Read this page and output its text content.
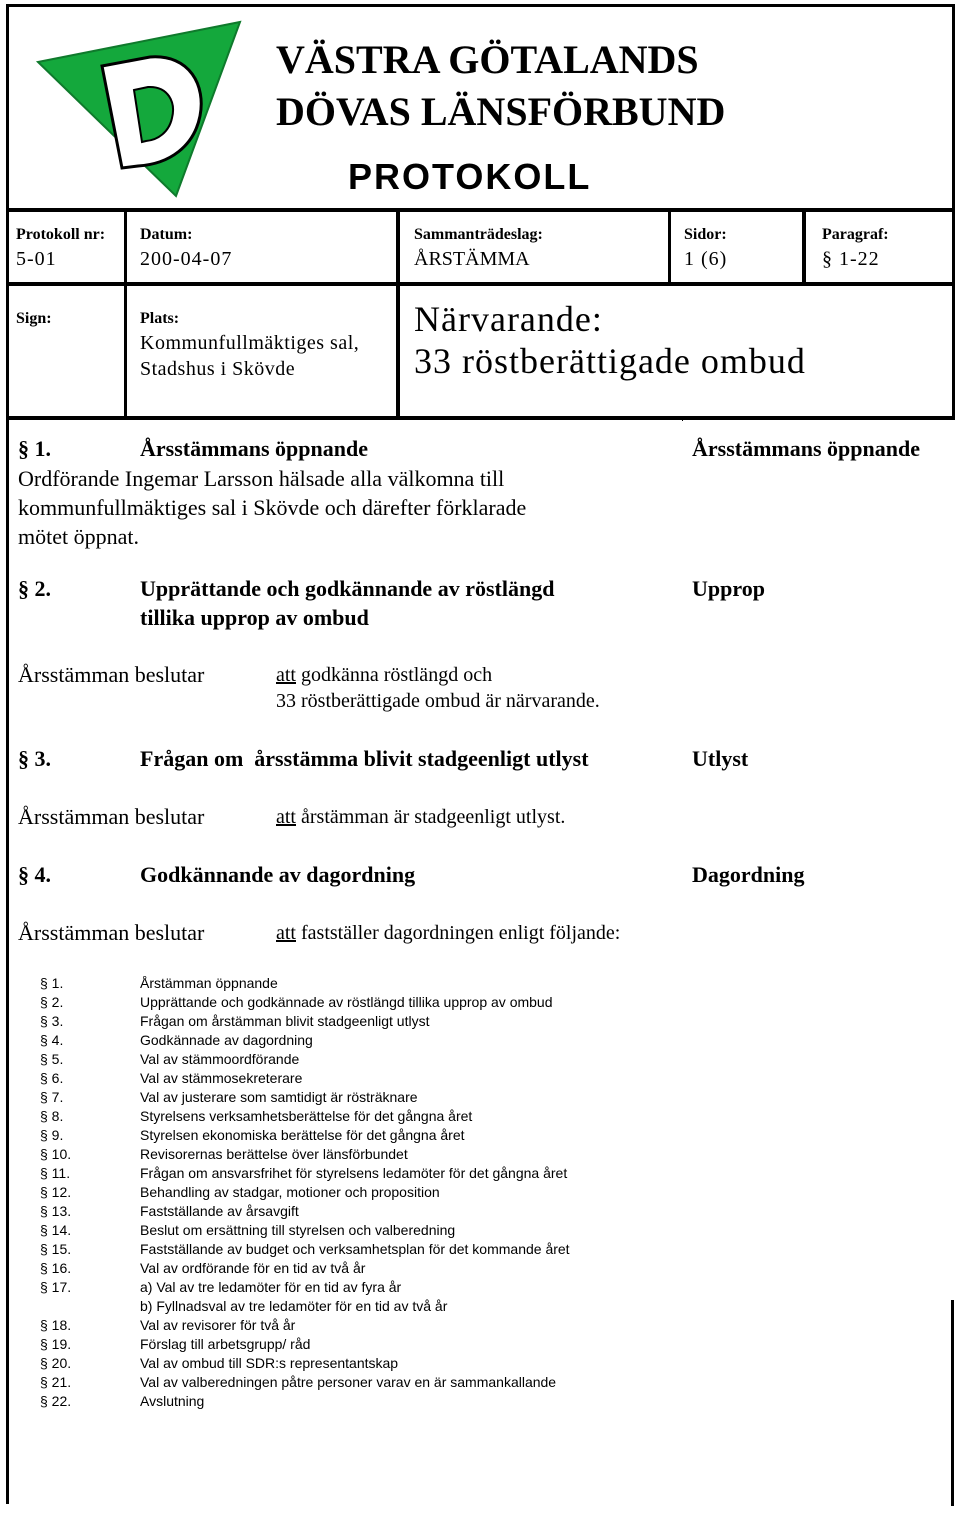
VÄSTRA GÖTALANDS
DÖVAS LÄNSFÖRBUND
PROTOKOLL
Protokoll nr:
5-01
Datum:
200-04-07
Sammanträdeslag:
ÅRSTÄMMA
Sidor:
1 (6)
Paragraf:
§ 1-22
Sign:	Plats:
Kommunfullmäktiges sal,
Stadshus i Skövde
Närvarande:
33 röstberättigade ombud
§ 1.	Årsstämmans öppnande
Ordförande Ingemar Larsson hälsade alla välkomna till
kommunfullmäktiges sal i Skövde och därefter förklarade
mötet öppnat.
Årsstämmans öppnande
§ 2.	Upprättande och godkännande av röstlängd
tillika upprop av ombud
Upprop
Årsstämman beslutar	att godkänna röstlängd och
33 röstberättigade ombud är närvarande.
§ 3.	Frågan om  årsstämma blivit stadgeenligt utlyst	Utlyst
Årsstämman beslutar	att årstämman är stadgeenligt utlyst.
§ 4.	Godkännande av dagordning	Dagordning
Årsstämman beslutar	att fastställer dagordningen enligt följande:
§ 1.	Årstämman öppnande
§ 2.	Upprättande och godkännade av röstlängd tillika upprop av ombud
§ 3.	Frågan om årstämman blivit stadgeenligt utlyst
§ 4.	Godkännade av dagordning
§ 5.	Val av stämmoordförande
§ 6.	Val av stämmosekreterare
§ 7.	Val av justerare som samtidigt är rösträknare
§ 8.	Styrelsens verksamhetsberättelse för det gångna året
§ 9.	Styrelsen ekonomiska berättelse för det gångna året
§ 10.	Revisorernas berättelse över länsförbundet
§ 11.	Frågan om ansvarsfrihet för styrelsens ledamöter för det gångna året
§ 12.	Behandling av stadgar, motioner och proposition
§ 13.	Fastställande av årsavgift
§ 14.	Beslut om ersättning till styrelsen och valberedning
§ 15.	Fastställande av budget och verksamhetsplan för det kommande året
§ 16.	Val av ordförande för en tid av två år
§ 17.	a) Val av tre ledamöter för en tid av fyra år
b) Fyllnadsval av tre ledamöter för en tid av två år
§ 18.	Val av revisorer för två år
§ 19.	Förslag till arbetsgrupp/ råd
§ 20.	Val av ombud till SDR:s representantskap
§ 21.	Val av valberedningen påtre personer varav en är sammankallande
§ 22.	Avslutning
